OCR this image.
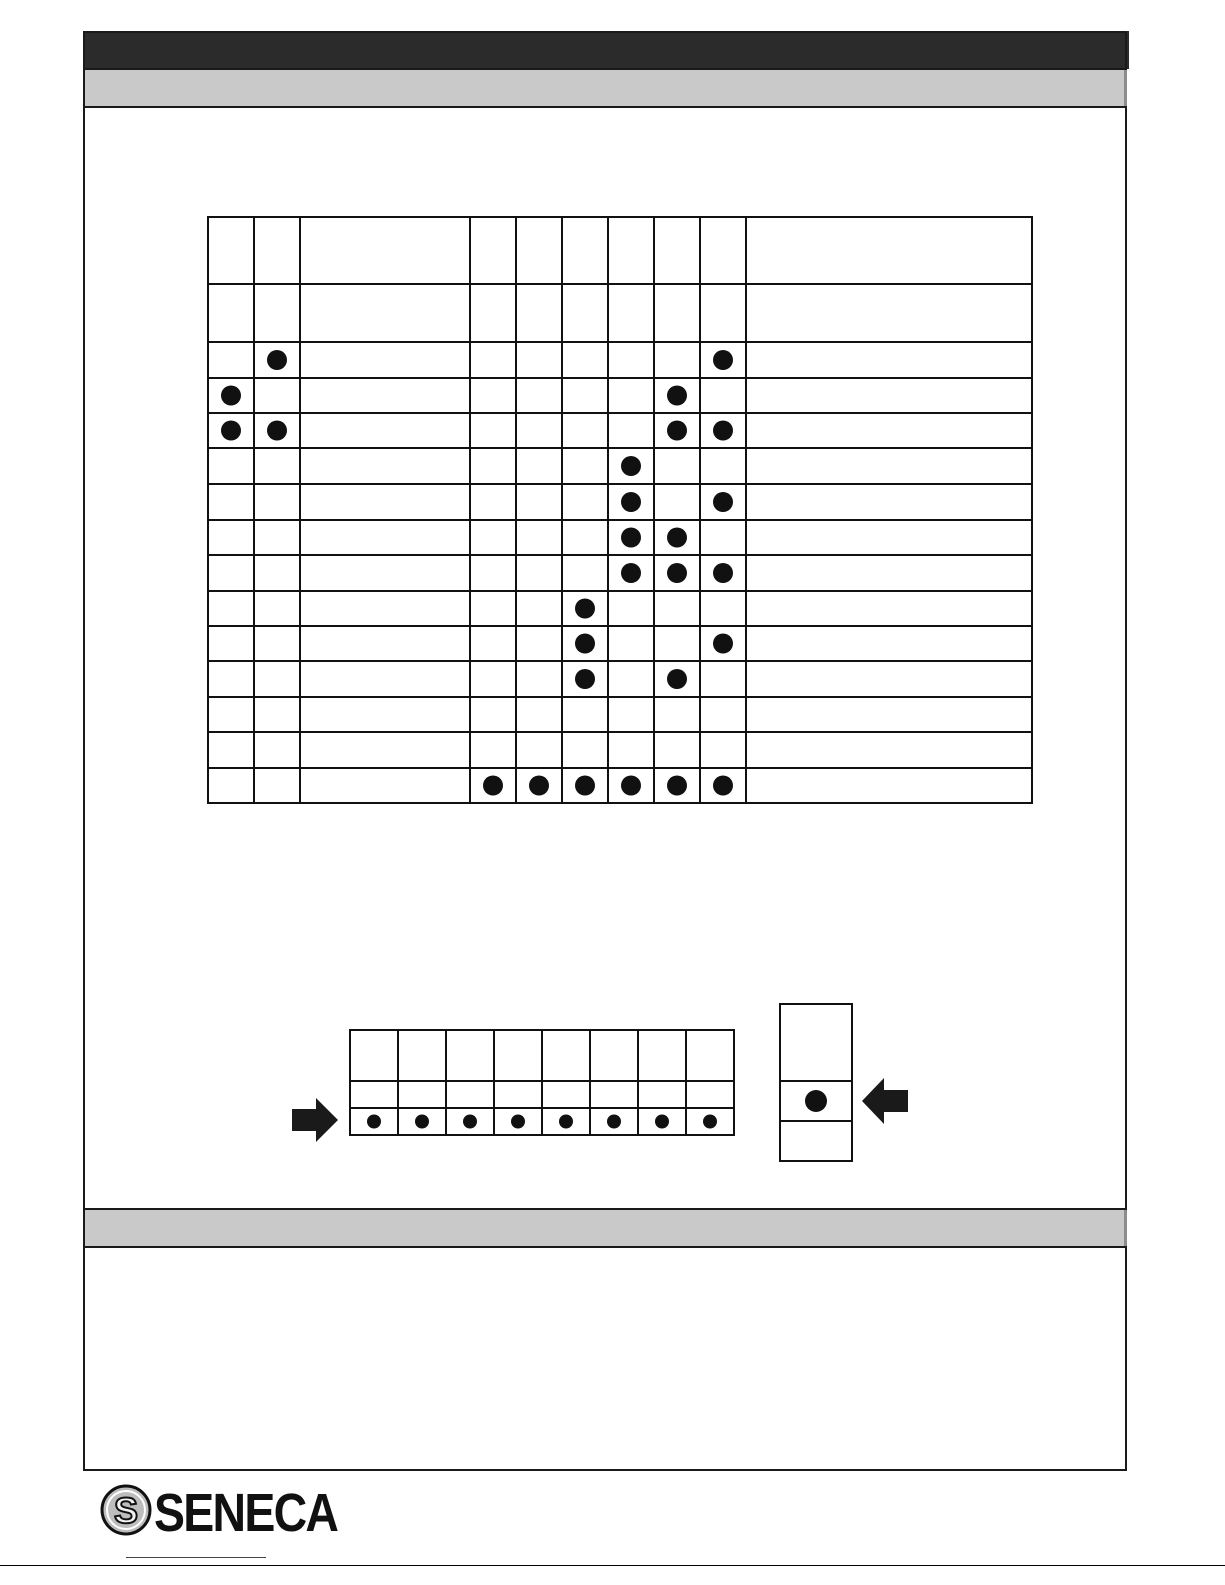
S SENECA
